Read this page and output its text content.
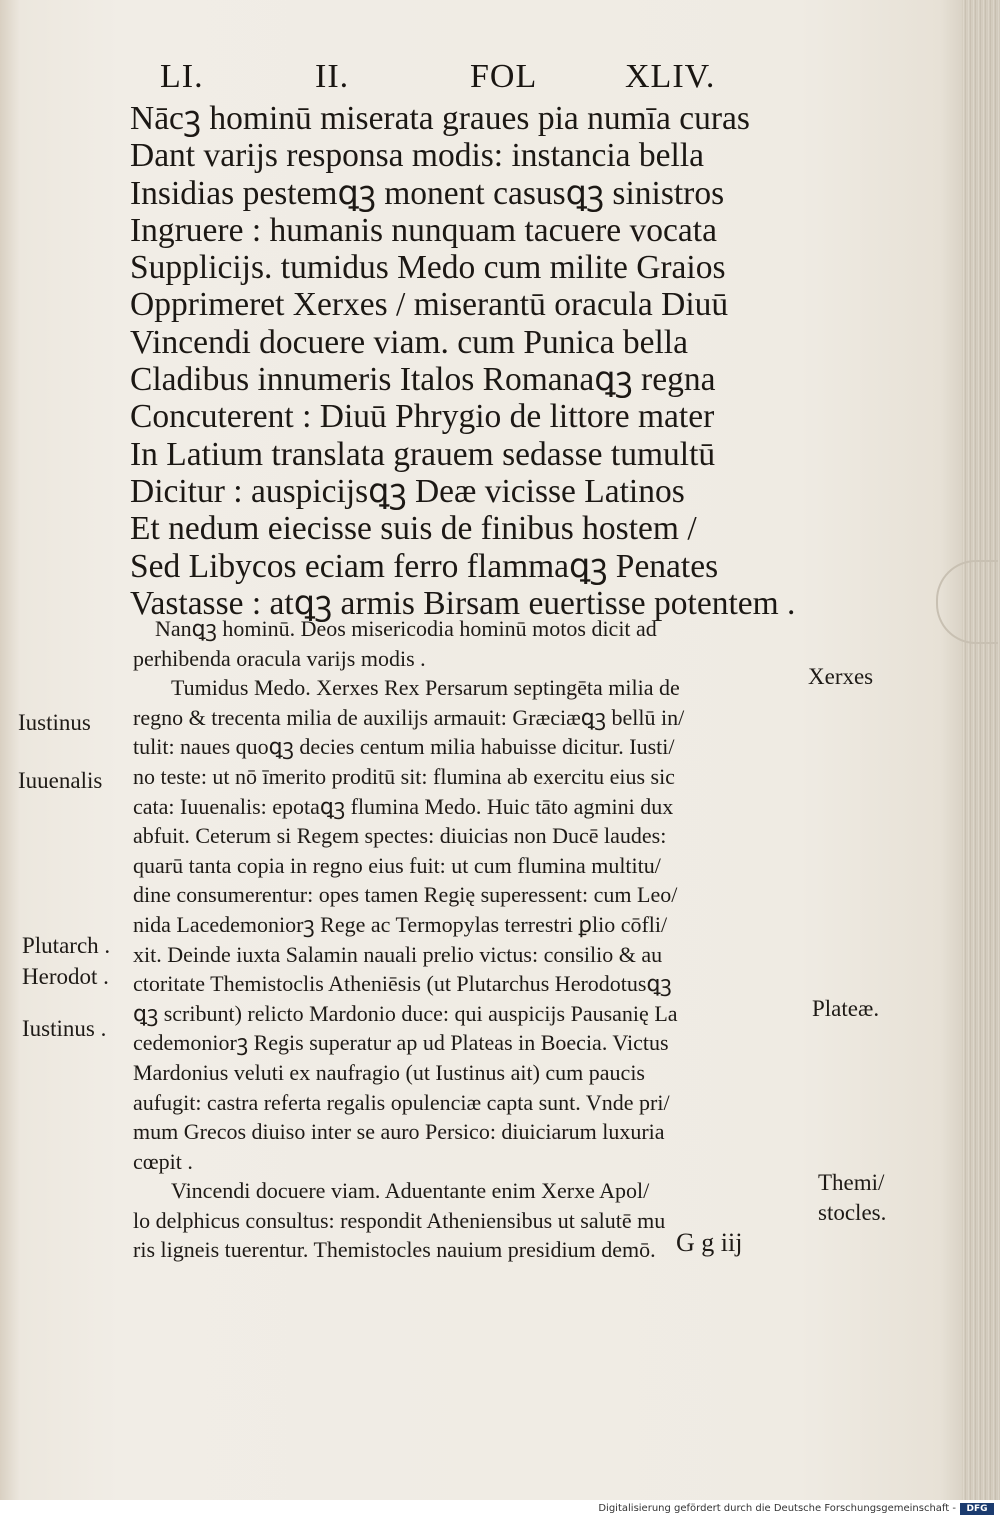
LI.	II.	FOL	XLIV.
Nācꝫ hominū miserata graues pia numīa curas
Dant varijs responsa modis: instancia bella
Insidias pestemꝗꝫ monent casusꝗꝫ sinistros
Ingruere : humanis nunquam tacuere vocata
Supplicijs. tumidus Medo cum milite Graios
Opprimeret Xerxes / miserantū oracula Diuū
Vincendi docuere viam. cum Punica bella
Cladibus innumeris Italos Romanaꝗꝫ regna
Concuterent : Diuū Phrygio de littore mater
In Latium translata grauem sedasse tumultū
Dicitur : auspicijsꝗꝫ Deæ vicisse Latinos
Et nedum eiecisse suis de finibus hostem /
Sed Libycos eciam ferro flammaꝗꝫ Penates
Vastasse : atꝗꝫ armis Birsam euertisse potentem .
Nanꝗꝫ hominū. Deos misericodia hominū motos dicit ad
perhibenda oracula varijs modis .
Tumidus Medo. Xerxes Rex Persarum septingēta milia de
regno & trecenta milia de auxilijs armauit: Græciæꝗꝫ bellū in/
tulit: naues quoꝗꝫ decies centum milia habuisse dicitur. Iusti/
no teste: ut nō īmerito proditū sit: flumina ab exercitu eius sic
cata: Iuuenalis: epotaꝗꝫ flumina Medo. Huic tāto agmini dux
abfuit. Ceterum si Regem spectes: diuicias non Ducē laudes:
quarū tanta copia in regno eius fuit: ut cum flumina multitu/
dine consumerentur: opes tamen Regię superessent: cum Leo/
nida Lacedemoniorꝫ Rege ac Termopylas terrestri ꝑlio cōfli/
xit. Deinde iuxta Salamin nauali prelio victus: consilio & au
ctoritate Themistoclis Atheniēsis (ut Plutarchus Herodotusꝗꝫ
ꝗꝫ scribunt) relicto Mardonio duce: qui auspicijs Pausanię La
cedemoniorꝫ Regis superatur ap ud Plateas in Boecia. Victus
Mardonius veluti ex naufragio (ut Iustinus ait) cum paucis
aufugit: castra referta regalis opulenciæ capta sunt. Vnde pri/
mum Grecos diuiso inter se auro Persico: diuiciarum luxuria
cœpit .
Vincendi docuere viam. Aduentante enim Xerxe Apol/
lo delphicus consultus: respondit Atheniensibus ut salutē mu
ris ligneis tuerentur. Themistocles nauium presidium demō.
Iustinus
Iuuenalis
Plutarch .
Herodot .
Iustinus .
Xerxes
Plateæ.
Themi/
stocles.
G g iij
Digitalisierung gefördert durch die Deutsche Forschungsgemeinschaft -	DFG
